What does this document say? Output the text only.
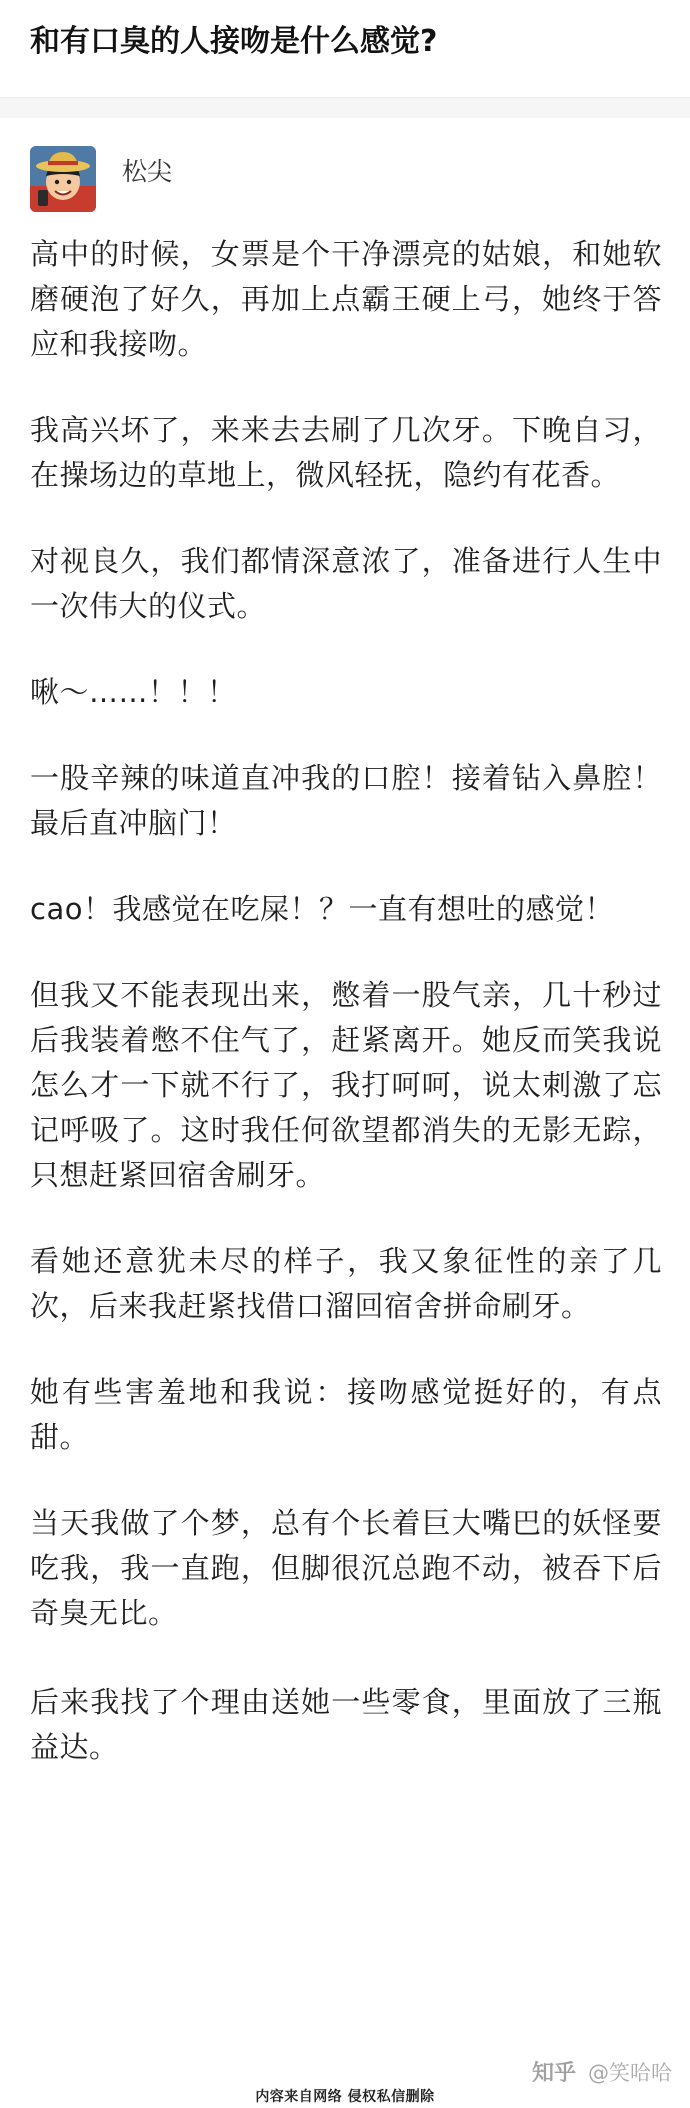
和有口臭的人接吻是什么感觉?
松尖

高中的时候，女票是个干净漂亮的姑娘，和她软磨硬泡了好久，再加上点霸王硬上弓，她终于答应和我接吻。

我高兴坏了，来来去去刷了几次牙。下晚自习，在操场边的草地上，微风轻抚，隐约有花香。

对视良久，我们都情深意浓了，准备进行人生中一次伟大的仪式。

啾～……！！！

一股辛辣的味道直冲我的口腔！接着钻入鼻腔！最后直冲脑门！

cao！我感觉在吃屎！？一直有想吐的感觉！

但我又不能表现出来，憋着一股气亲，几十秒过后我装着憋不住气了，赶紧离开。她反而笑我说怎么才一下就不行了，我打呵呵，说太刺激了忘记呼吸了。这时我任何欲望都消失的无影无踪，只想赶紧回宿舍刷牙。

看她还意犹未尽的样子，我又象征性的亲了几次，后来我赶紧找借口溜回宿舍拼命刷牙。

她有些害羞地和我说：接吻感觉挺好的，有点甜。

当天我做了个梦，总有个长着巨大嘴巴的妖怪要吃我，我一直跑，但脚很沉总跑不动，被吞下后奇臭无比。

后来我找了个理由送她一些零食，里面放了三瓶益达。

知乎 @笑哈哈
内容来自网络 侵权私信删除
